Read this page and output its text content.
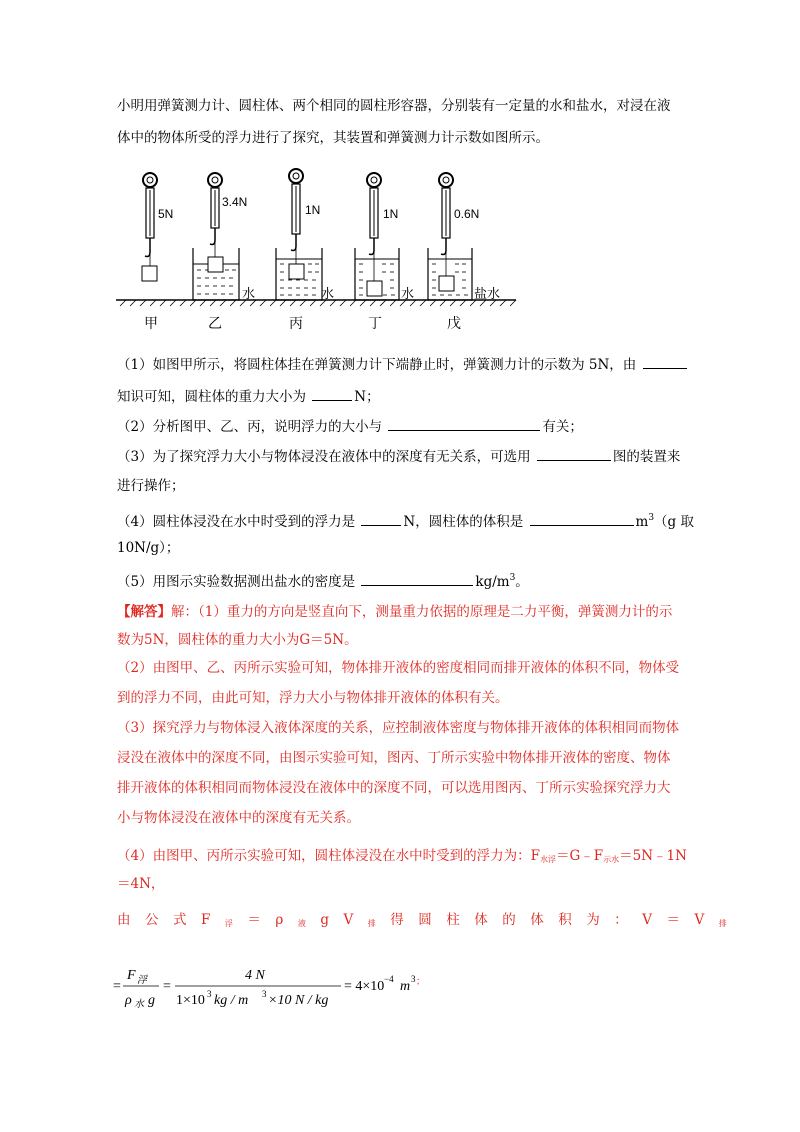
小明用弹簧测力计、圆柱体、两个相同的圆柱形容器，分别装有一定量的水和盐水，对浸在液
体中的物体所受的浮力进行了探究，其装置和弹簧测力计示数如图所示。
5N
3.4N
水
1N
水
1N
水
0.6N
盐水
甲	乙	丙	丁	戊
（1）如图甲所示，将圆柱体挂在弹簧测力计下端静止时，弹簧测力计的示数为 5N，由
知识可知，圆柱体的重力大小为	N；
（2）分析图甲、乙、丙，说明浮力的大小与	有关；
（3）为了探究浮力大小与物体浸没在液体中的深度有无关系，可选用	图的装置来
进行操作；
（4）圆柱体浸没在水中时受到的浮力是	N，圆柱体的体积是	$m^3(g$ 取
10N/g）；
（5）用图示实验数据测出盐水的密度是	$kg/m^3$。
【解答】解：（1）重力的方向是竖直向下，测量重力依据的原理是二力平衡，弹簧测力计的示
数为5N，圆柱体的重力大小为G＝5N。
（2）由图甲、乙、丙所示实验可知，物体排开液体的密度相同而排开液体的体积不同，物体受
到的浮力不同，由此可知，浮力大小与物体排开液体的体积有关。
（3）探究浮力与物体浸入液体深度的关系，应控制液体密度与物体排开液体的体积相同而物体
浸没在液体中的深度不同，由图示实验可知，图丙、丁所示实验中物体排开液体的密度、物体
排开液体的体积相同而物体浸没在液体中的深度不同，可以选用图丙、丁所示实验探究浮力大
小与物体浸没在液体中的深度有无关系。
（4）由图甲、丙所示实验可知，圆柱体浸没在水中时受到的浮力为：$F_{水浮}=G﹣F_{示水}=5N﹣1N$
＝4N，
由公式$F_浮=\rho_液gV_排$得圆柱体的体积为：$V=V_排$
=
F 浮
ρ 水 g
=
4 N
1×10 3 kg / m 3 ×10 N / kg
= 4×10 −4 m 3 ；
